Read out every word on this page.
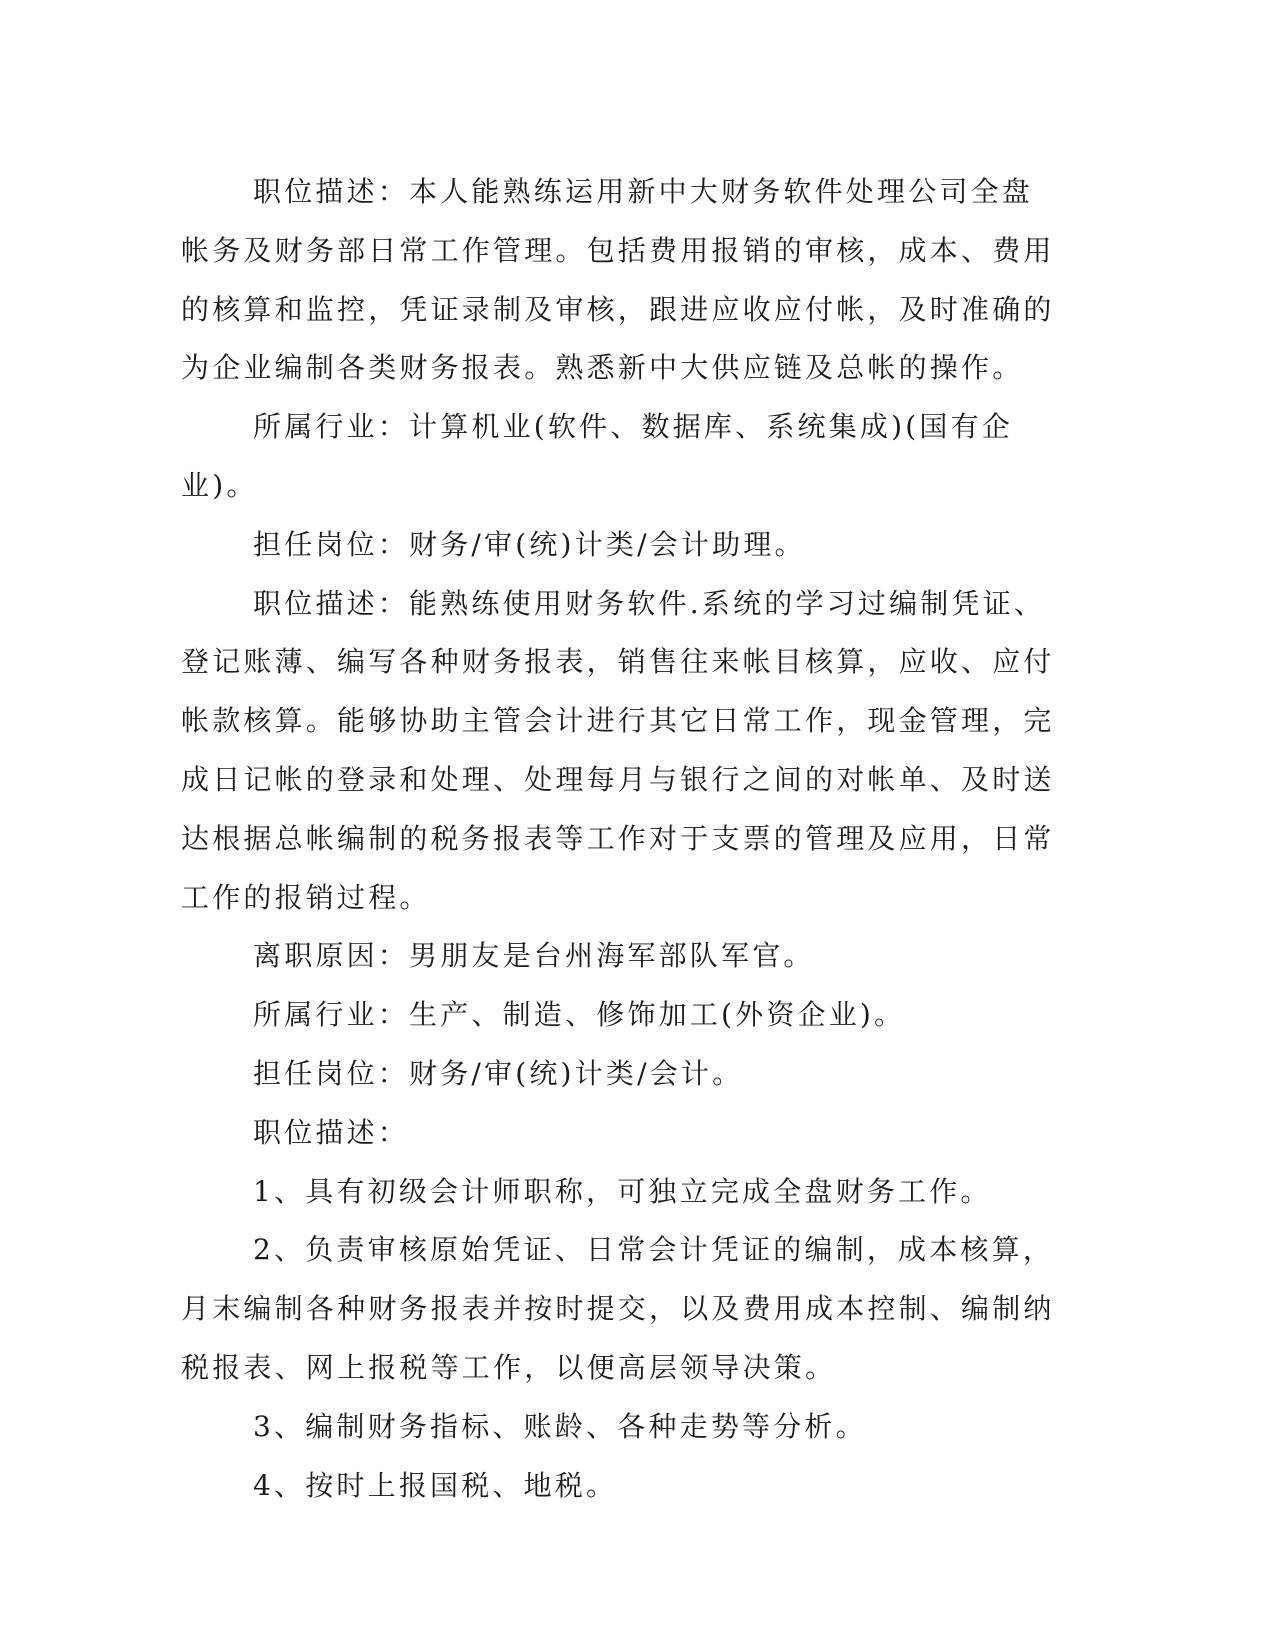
职位描述：本人能熟练运用新中大财务软件处理公司全盘帐务及财务部日常工作管理。包括费用报销的审核，成本、费用的核算和监控，凭证录制及审核，跟进应收应付帐，及时准确的为企业编制各类财务报表。熟悉新中大供应链及总帐的操作。

所属行业：计算机业(软件、数据库、系统集成)(国有企业)。

担任岗位：财务/审(统)计类/会计助理。

职位描述：能熟练使用财务软件.系统的学习过编制凭证、登记账薄、编写各种财务报表，销售往来帐目核算，应收、应付帐款核算。能够协助主管会计进行其它日常工作，现金管理，完成日记帐的登录和处理、处理每月与银行之间的对帐单、及时送达根据总帐编制的税务报表等工作对于支票的管理及应用，日常工作的报销过程。

离职原因：男朋友是台州海军部队军官。

所属行业：生产、制造、修饰加工(外资企业)。

担任岗位：财务/审(统)计类/会计。

职位描述：

1、具有初级会计师职称，可独立完成全盘财务工作。

2、负责审核原始凭证、日常会计凭证的编制，成本核算，月末编制各种财务报表并按时提交，以及费用成本控制、编制纳税报表、网上报税等工作，以便高层领导决策。

3、编制财务指标、账龄、各种走势等分析。

4、按时上报国税、地税。
